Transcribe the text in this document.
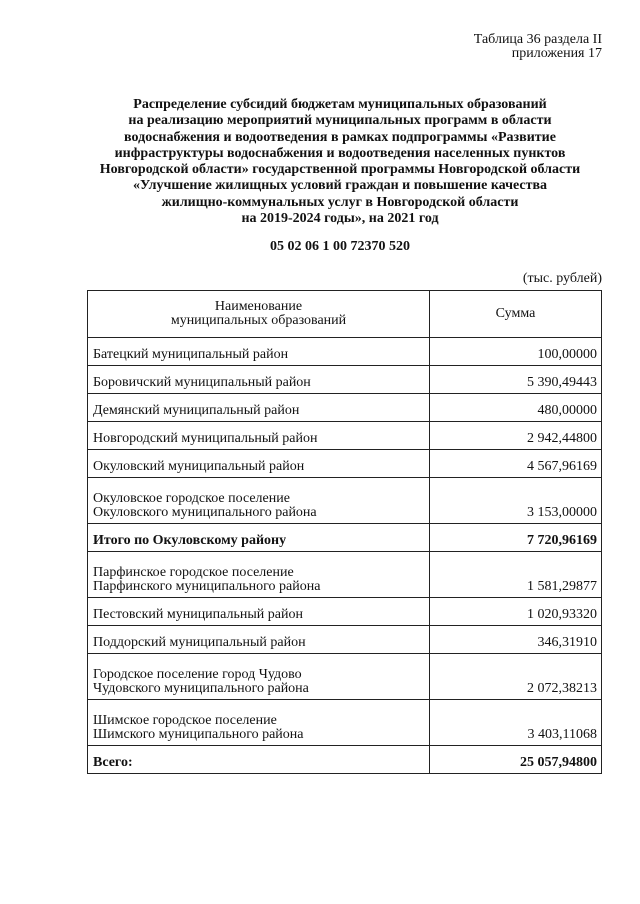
Таблица 36 раздела II
приложения 17
Распределение субсидий бюджетам муниципальных образований
на реализацию мероприятий муниципальных программ в области
водоснабжения и водоотведения в рамках подпрограммы «Развитие
инфраструктуры водоснабжения и водоотведения населенных пунктов
Новгородской области» государственной программы Новгородской области
«Улучшение жилищных условий граждан и повышение качества
жилищно-коммунальных услуг в Новгородской области
на 2019-2024 годы», на 2021 год
05 02 06 1 00 72370 520
(тыс. рублей)
Наименование
муниципальных образований	Сумма

Батецкий муниципальный район	100,00000

Боровичский муниципальный район	5 390,49443

Демянский муниципальный район	480,00000

Новгородский муниципальный район	2 942,44800

Окуловский муниципальный район	4 567,96169

Окуловское городское поселение
Окуловского муниципального района	3 153,00000

Итого по Окуловскому району	7 720,96169

Парфинское городское поселение
Парфинского муниципального района	1 581,29877

Пестовский муниципальный район	1 020,93320

Поддорский муниципальный район	346,31910

Городское поселение город Чудово
Чудовского муниципального района	2 072,38213

Шимское городское поселение
Шимского муниципального района	3 403,11068

Всего:	25 057,94800
